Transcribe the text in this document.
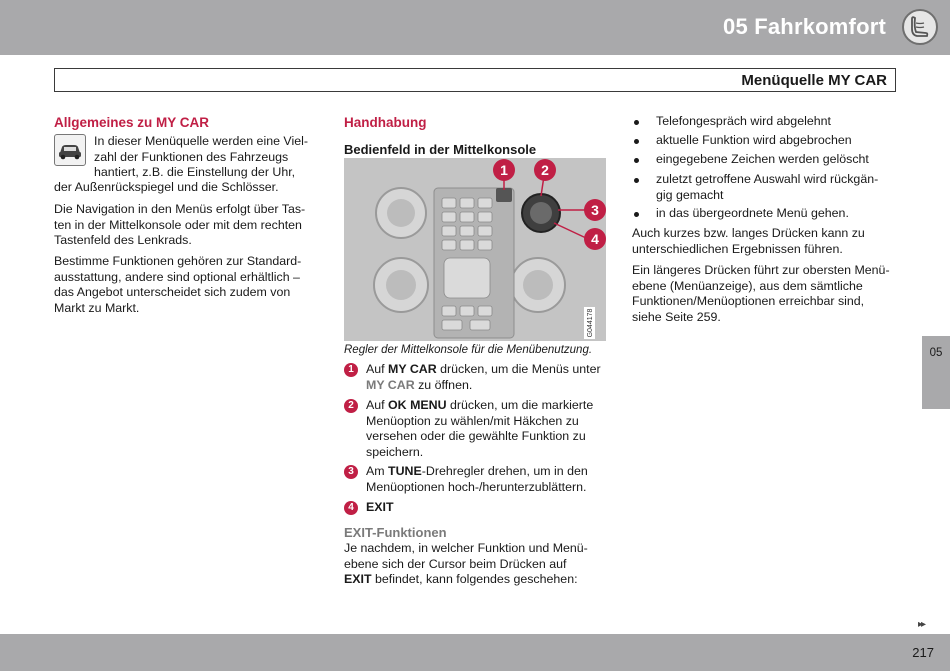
05 Fahrkomfort
Menüquelle MY CAR
Allgemeines zu MY CAR

In dieser Menüquelle werden eine Viel-

zahl der Funktionen des Fahrzeugs

hantiert, z.B. die Einstellung der Uhr,

der Außenrückspiegel und die Schlösser.

Die Navigation in den Menüs erfolgt über Tas-

ten in der Mittelkonsole oder mit dem rechten

Tastenfeld des Lenkrads.

Bestimme Funktionen gehören zur Standard-

ausstattung, andere sind optional erhältlich –

das Angebot unterscheidet sich zudem von

Markt zu Markt.

Handhabung
Bedienfeld in der Mittelkonsole
1 2
3
4
G044178
Regler der Mittelkonsole für die Menübenutzung.
1 Auf MY CAR drücken, um die Menüs unter
MY CAR zu öffnen.
2 Auf OK MENU drücken, um die markierte
Menüoption zu wählen/mit Häkchen zu
versehen oder die gewählte Funktion zu
speichern.
3 Am TUNE-Drehregler drehen, um in den
Menüoptionen hoch-/herunterzublättern.
4 EXIT
EXIT-Funktionen

Je nachdem, in welcher Funktion und Menü-

ebene sich der Cursor beim Drücken auf

EXIT befindet, kann folgendes geschehen:

Telefongespräch wird abgelehnt
aktuelle Funktion wird abgebrochen
eingegebene Zeichen werden gelöscht
zuletzt getroffene Auswahl wird rückgän-
gig gemacht
in das übergeordnete Menü gehen.

Auch kurzes bzw. langes Drücken kann zu

unterschiedlichen Ergebnissen führen.

Ein längeres Drücken führt zur obersten Menü-

ebene (Menüanzeige), aus dem sämtliche

Funktionen/Menüoptionen erreichbar sind,

siehe Seite 259.

05
▸▸
217
